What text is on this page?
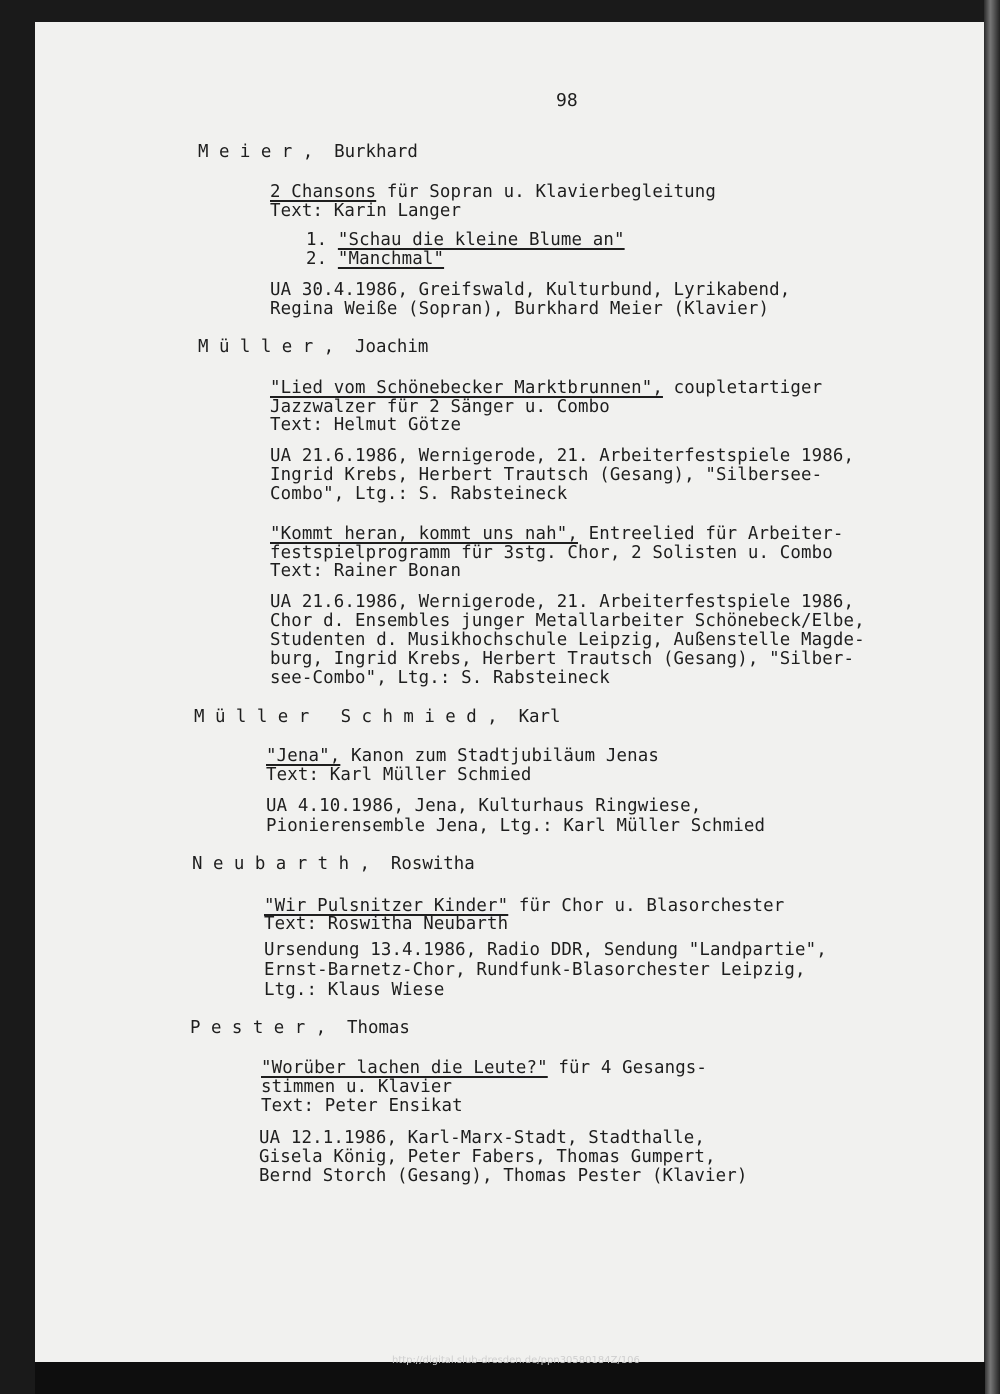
http://digital.slub-dresden.de/ppn30580184Z/106
98
M e i e r ,  Burkhard
2 Chansons für Sopran u. Klavierbegleitung
Text: Karin Langer
1. "Schau die kleine Blume an"
2. "Manchmal"
UA 30.4.1986, Greifswald, Kulturbund, Lyrikabend,
Regina Weiße (Sopran), Burkhard Meier (Klavier)
M ü l l e r ,  Joachim
"Lied vom Schönebecker Marktbrunnen", coupletartiger
Jazzwalzer für 2 Sänger u. Combo
Text: Helmut Götze
UA 21.6.1986, Wernigerode, 21. Arbeiterfestspiele 1986,
Ingrid Krebs, Herbert Trautsch (Gesang), "Silbersee-
Combo", Ltg.: S. Rabsteineck
"Kommt heran, kommt uns nah", Entreelied für Arbeiter-
festspielprogramm für 3stg. Chor, 2 Solisten u. Combo
Text: Rainer Bonan
UA 21.6.1986, Wernigerode, 21. Arbeiterfestspiele 1986,
Chor d. Ensembles junger Metallarbeiter Schönebeck/Elbe,
Studenten d. Musikhochschule Leipzig, Außenstelle Magde-
burg, Ingrid Krebs, Herbert Trautsch (Gesang), "Silber-
see-Combo", Ltg.: S. Rabsteineck
M ü l l e r   S c h m i e d ,  Karl
"Jena", Kanon zum Stadtjubiläum Jenas
Text: Karl Müller Schmied
UA 4.10.1986, Jena, Kulturhaus Ringwiese,
Pionierensemble Jena, Ltg.: Karl Müller Schmied
N e u b a r t h ,  Roswitha
"Wir Pulsnitzer Kinder" für Chor u. Blasorchester
Text: Roswitha Neubarth
Ursendung 13.4.1986, Radio DDR, Sendung "Landpartie",
Ernst-Barnetz-Chor, Rundfunk-Blasorchester Leipzig,
Ltg.: Klaus Wiese
P e s t e r ,  Thomas
"Worüber lachen die Leute?" für 4 Gesangs-
stimmen u. Klavier
Text: Peter Ensikat
UA 12.1.1986, Karl-Marx-Stadt, Stadthalle,
Gisela König, Peter Fabers, Thomas Gumpert,
Bernd Storch (Gesang), Thomas Pester (Klavier)
